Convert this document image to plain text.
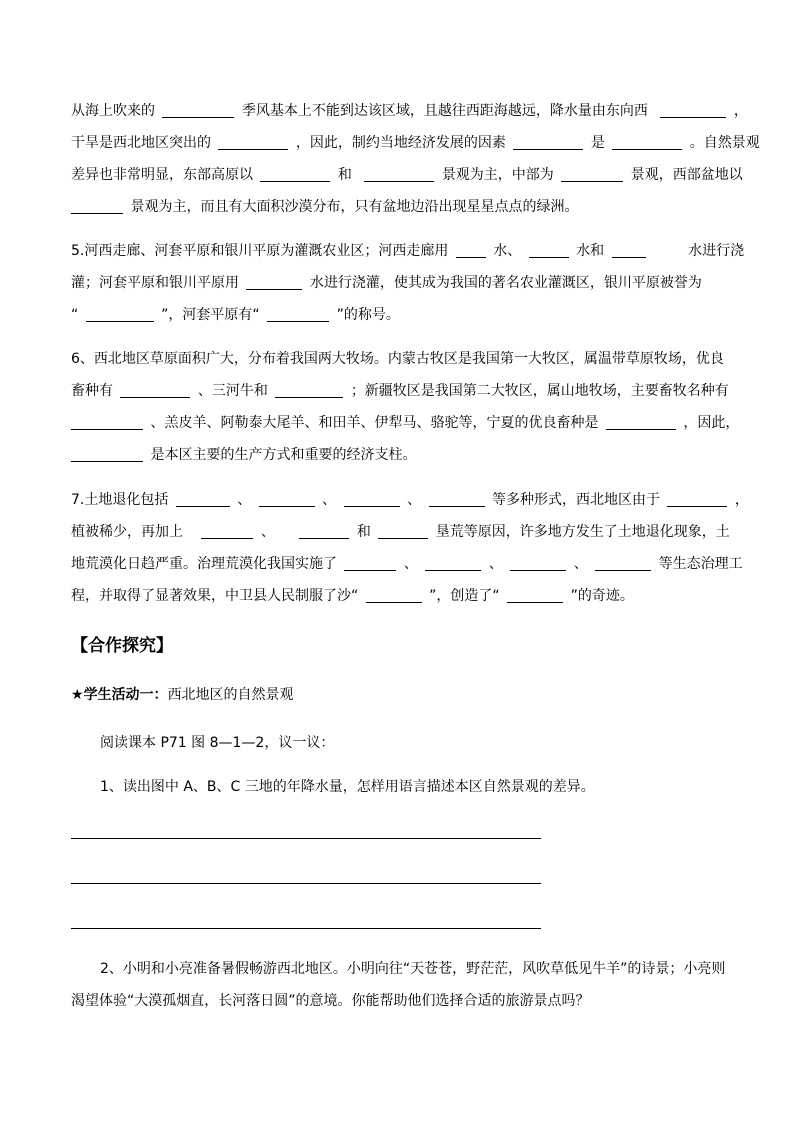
从海上吹来的	季风基本上不能到达该区域，且越往西距海越远，降水量由东向西	，
干旱是西北地区突出的	，因此，制约当地经济发展的因素	是	。自然景观
差异也非常明显，东部高原以	和	景观为主，中部为	景观，西部盆地以
景观为主，而且有大面积沙漠分布，只有盆地边沿出现星星点点的绿洲。
5.河西走廊、河套平原和银川平原为灌溉农业区；河西走廊用	水、	水和	水进行浇
灌；河套平原和银川平原用	水进行浇灌，使其成为我国的著名农业灌溉区，银川平原被誉为
“	”，河套平原有“	”的称号。
6、西北地区草原面积广大，分布着我国两大牧场。内蒙古牧区是我国第一大牧区，属温带草原牧场，优良
畜种有	、三河牛和	；新疆牧区是我国第二大牧区，属山地牧场，主要畜牧名种有
、羔皮羊、阿勒泰大尾羊、和田羊、伊犁马、骆驼等，宁夏的优良畜种是	，因此，
是本区主要的生产方式和重要的经济支柱。
7.土地退化包括	、	、	、	等多种形式，西北地区由于	，
植被稀少，再加上	、	和	垦荒等原因，许多地方发生了土地退化现象，土
地荒漠化日趋严重。治理荒漠化我国实施了	、	、	、	等生态治理工
程，并取得了显著效果，中卫县人民制服了沙“	”，创造了“	”的奇迹。
【合作探究】
★学生活动一：西北地区的自然景观
阅读课本 P71 图 8—1—2，议一议：
1、读出图中 A、B、C 三地的年降水量，怎样用语言描述本区自然景观的差异。
2、小明和小亮准备暑假畅游西北地区。小明向往“天苍苍，野茫茫，风吹草低见牛羊”的诗景；小亮则
渴望体验“大漠孤烟直，长河落日圆”的意境。你能帮助他们选择合适的旅游景点吗？
